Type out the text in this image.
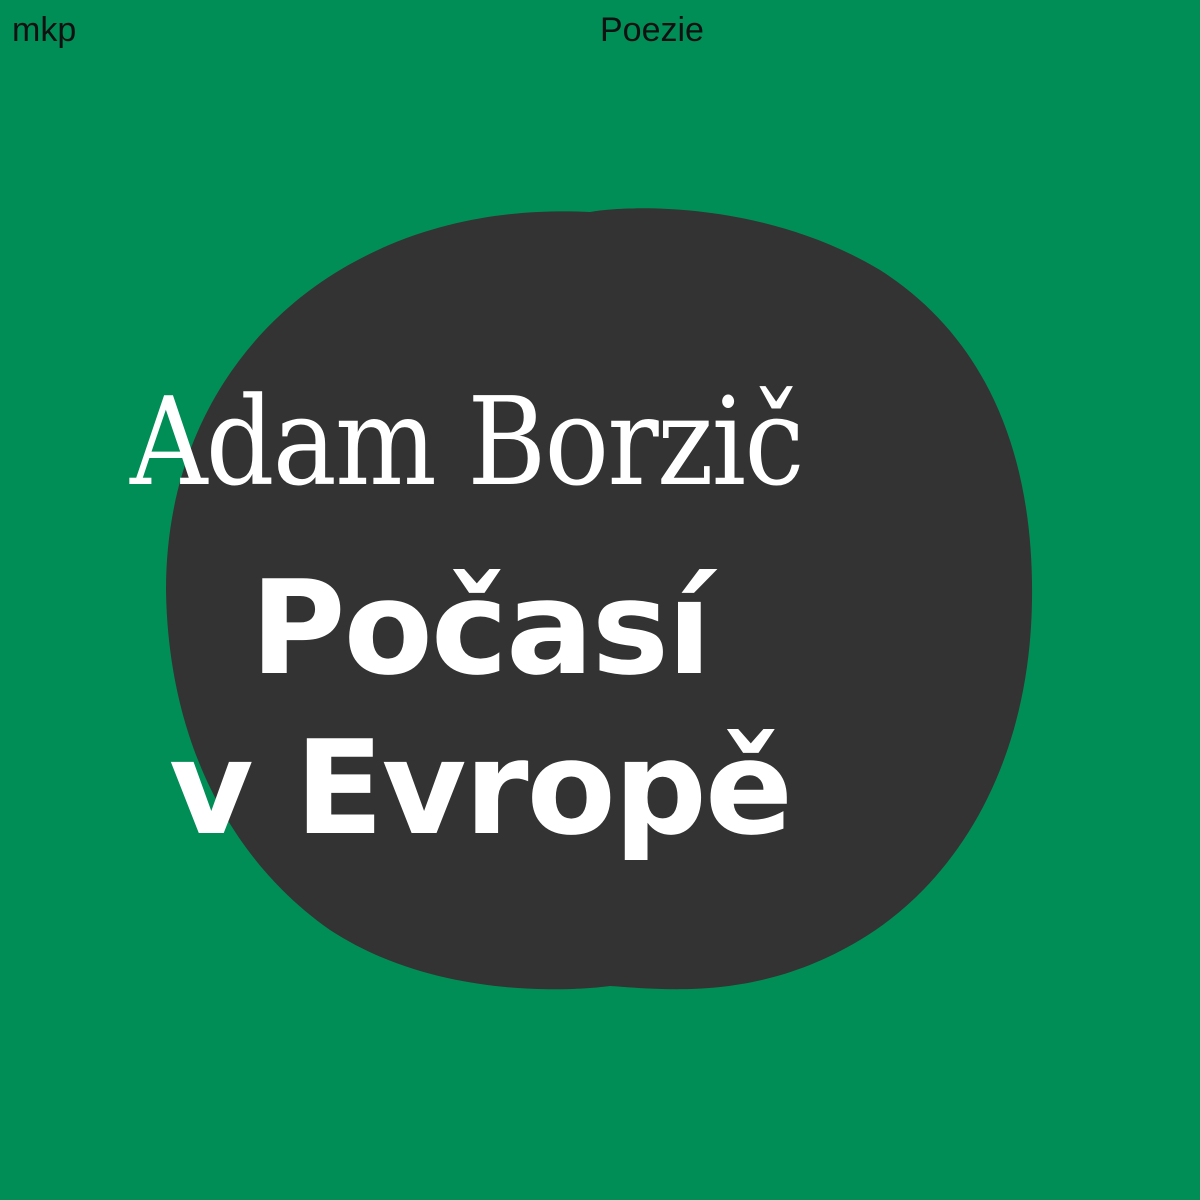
mkp	Poezie
Adam Borzič
Počasí
v Evropě
